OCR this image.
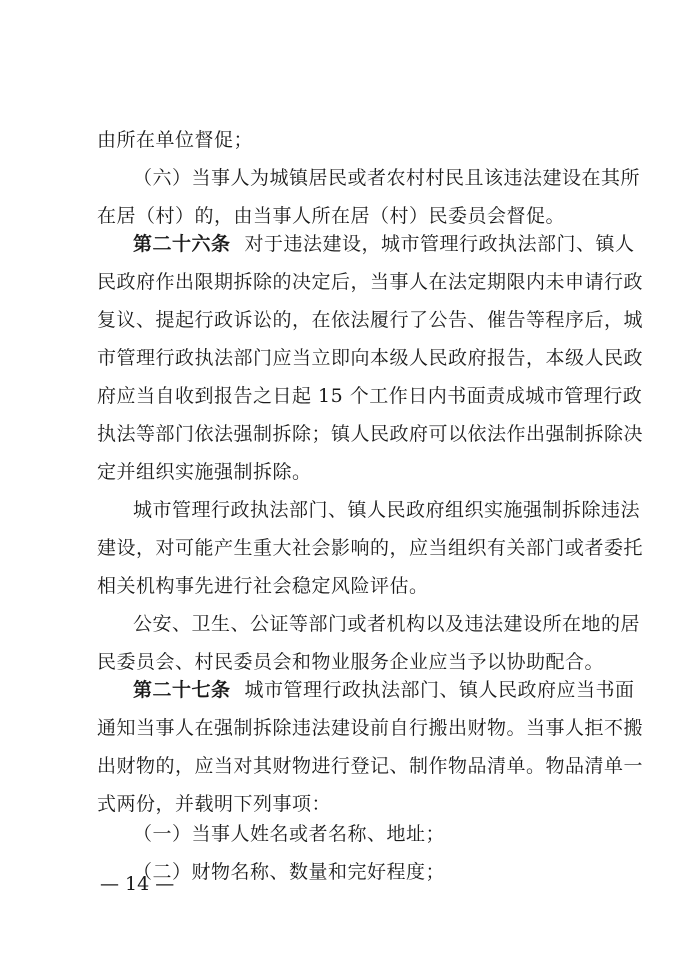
由所在单位督促；
（六）当事人为城镇居民或者农村村民且该违法建设在其所
在居（村）的，由当事人所在居（村）民委员会督促。
第二十六条 对于违法建设，城市管理行政执法部门、镇人
民政府作出限期拆除的决定后，当事人在法定期限内未申请行政
复议、提起行政诉讼的，在依法履行了公告、催告等程序后，城
市管理行政执法部门应当立即向本级人民政府报告，本级人民政
府应当自收到报告之日起 15 个工作日内书面责成城市管理行政
执法等部门依法强制拆除；镇人民政府可以依法作出强制拆除决
定并组织实施强制拆除。
城市管理行政执法部门、镇人民政府组织实施强制拆除违法
建设，对可能产生重大社会影响的，应当组织有关部门或者委托
相关机构事先进行社会稳定风险评估。
公安、卫生、公证等部门或者机构以及违法建设所在地的居
民委员会、村民委员会和物业服务企业应当予以协助配合。
第二十七条 城市管理行政执法部门、镇人民政府应当书面
通知当事人在强制拆除违法建设前自行搬出财物。当事人拒不搬
出财物的，应当对其财物进行登记、制作物品清单。物品清单一
式两份，并载明下列事项：
（一）当事人姓名或者名称、地址；
（二）财物名称、数量和完好程度；
— 14 —
